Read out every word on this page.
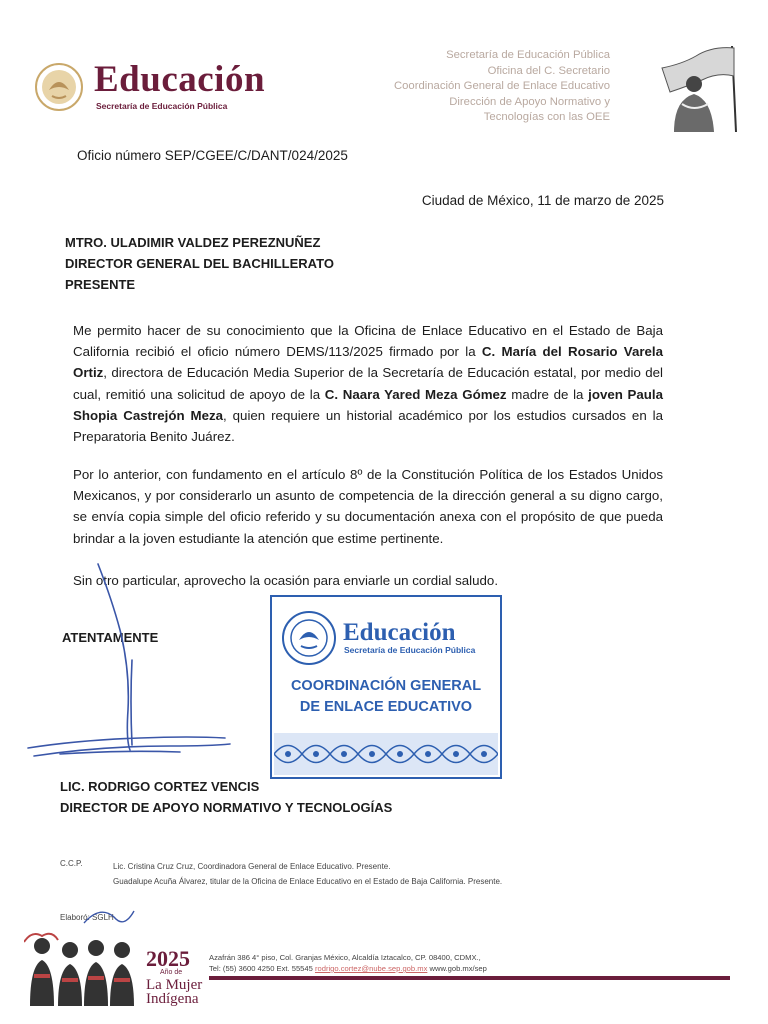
Educación
Secretaría de Educación Pública
Secretaría de Educación Pública
Oficina del C. Secretario
Coordinación General de Enlace Educativo
Dirección de Apoyo Normativo y
Tecnologías con las OEE
Oficio número SEP/CGEE/C/DANT/024/2025
Ciudad de México, 11 de marzo de 2025
MTRO. ULADIMIR VALDEZ PEREZNUÑEZ
DIRECTOR GENERAL DEL BACHILLERATO
PRESENTE
Me permito hacer de su conocimiento que la Oficina de Enlace Educativo en el Estado de Baja California recibió el oficio número DEMS/113/2025 firmado por la C. María del Rosario Varela Ortiz, directora de Educación Media Superior de la Secretaría de Educación estatal, por medio del cual, remitió una solicitud de apoyo de la C. Naara Yared Meza Gómez madre de la joven Paula Shopia Castrejón Meza, quien requiere un historial académico por los estudios cursados en la Preparatoria Benito Juárez.
Por lo anterior, con fundamento en el artículo 8º de la Constitución Política de los Estados Unidos Mexicanos, y por considerarlo un asunto de competencia de la dirección general a su digno cargo, se envía copia simple del oficio referido y su documentación anexa con el propósito de que pueda brindar a la joven estudiante la atención que estime pertinente.
Sin otro particular, aprovecho la ocasión para enviarle un cordial saludo.
ATENTAMENTE	Educación
Secretaría de Educación Pública
COORDINACIÓN GENERAL
DE ENLACE EDUCATIVO
LIC. RODRIGO CORTEZ VENCIS
DIRECTOR DE APOYO NORMATIVO Y TECNOLOGÍAS
C.C.P.	Lic. Cristina Cruz Cruz, Coordinadora General de Enlace Educativo. Presente.
Guadalupe Acuña Álvarez, titular de la Oficina de Enlace Educativo en el Estado de Baja California. Presente.
Elaboró: SGLH
2025
Año de
La Mujer
Indígena
Azafrán 386 4° piso, Col. Granjas México, Alcaldía Iztacalco, CP. 08400, CDMX.,
Tel: (55) 3600 4250 Ext. 55545 rodrigo.cortez@nube.sep.gob.mx www.gob.mx/sep
